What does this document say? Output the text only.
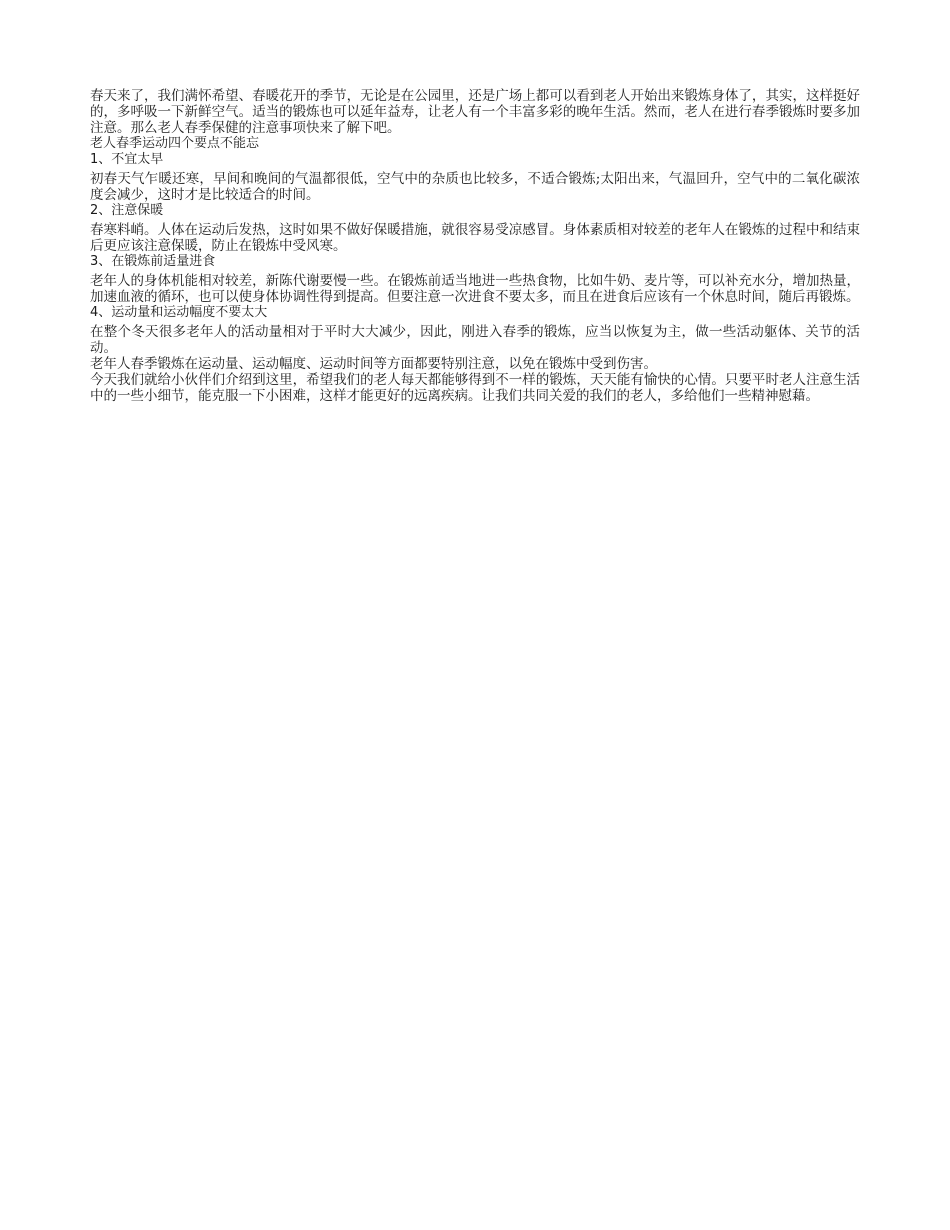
春天来了，我们满怀希望、春暖花开的季节，无论是在公园里，还是广场上都可以看到老人开始出来锻炼身体了，其实，这样挺好的，多呼吸一下新鲜空气。适当的锻炼也可以延年益寿，让老人有一个丰富多彩的晚年生活。然而，老人在进行春季锻炼时要多加注意。那么老人春季保健的注意事项快来了解下吧。

老人春季运动四个要点不能忘

1、不宜太早

初春天气乍暖还寒，早间和晚间的气温都很低，空气中的杂质也比较多，不适合锻炼;太阳出来，气温回升，空气中的二氧化碳浓度会减少，这时才是比较适合的时间。

2、注意保暖

春寒料峭。人体在运动后发热，这时如果不做好保暖措施，就很容易受凉感冒。身体素质相对较差的老年人在锻炼的过程中和结束后更应该注意保暖，防止在锻炼中受风寒。

3、在锻炼前适量进食

老年人的身体机能相对较差，新陈代谢要慢一些。在锻炼前适当地进一些热食物，比如牛奶、麦片等，可以补充水分，增加热量，加速血液的循环，也可以使身体协调性得到提高。但要注意一次进食不要太多，而且在进食后应该有一个休息时间，随后再锻炼。

4、运动量和运动幅度不要太大

在整个冬天很多老年人的活动量相对于平时大大减少，因此，刚进入春季的锻炼，应当以恢复为主，做一些活动躯体、关节的活动。

老年人春季锻炼在运动量、运动幅度、运动时间等方面都要特别注意，以免在锻炼中受到伤害。

今天我们就给小伙伴们介绍到这里，希望我们的老人每天都能够得到不一样的锻炼，天天能有愉快的心情。只要平时老人注意生活中的一些小细节，能克服一下小困难，这样才能更好的远离疾病。让我们共同关爱的我们的老人，多给他们一些精神慰藉。
